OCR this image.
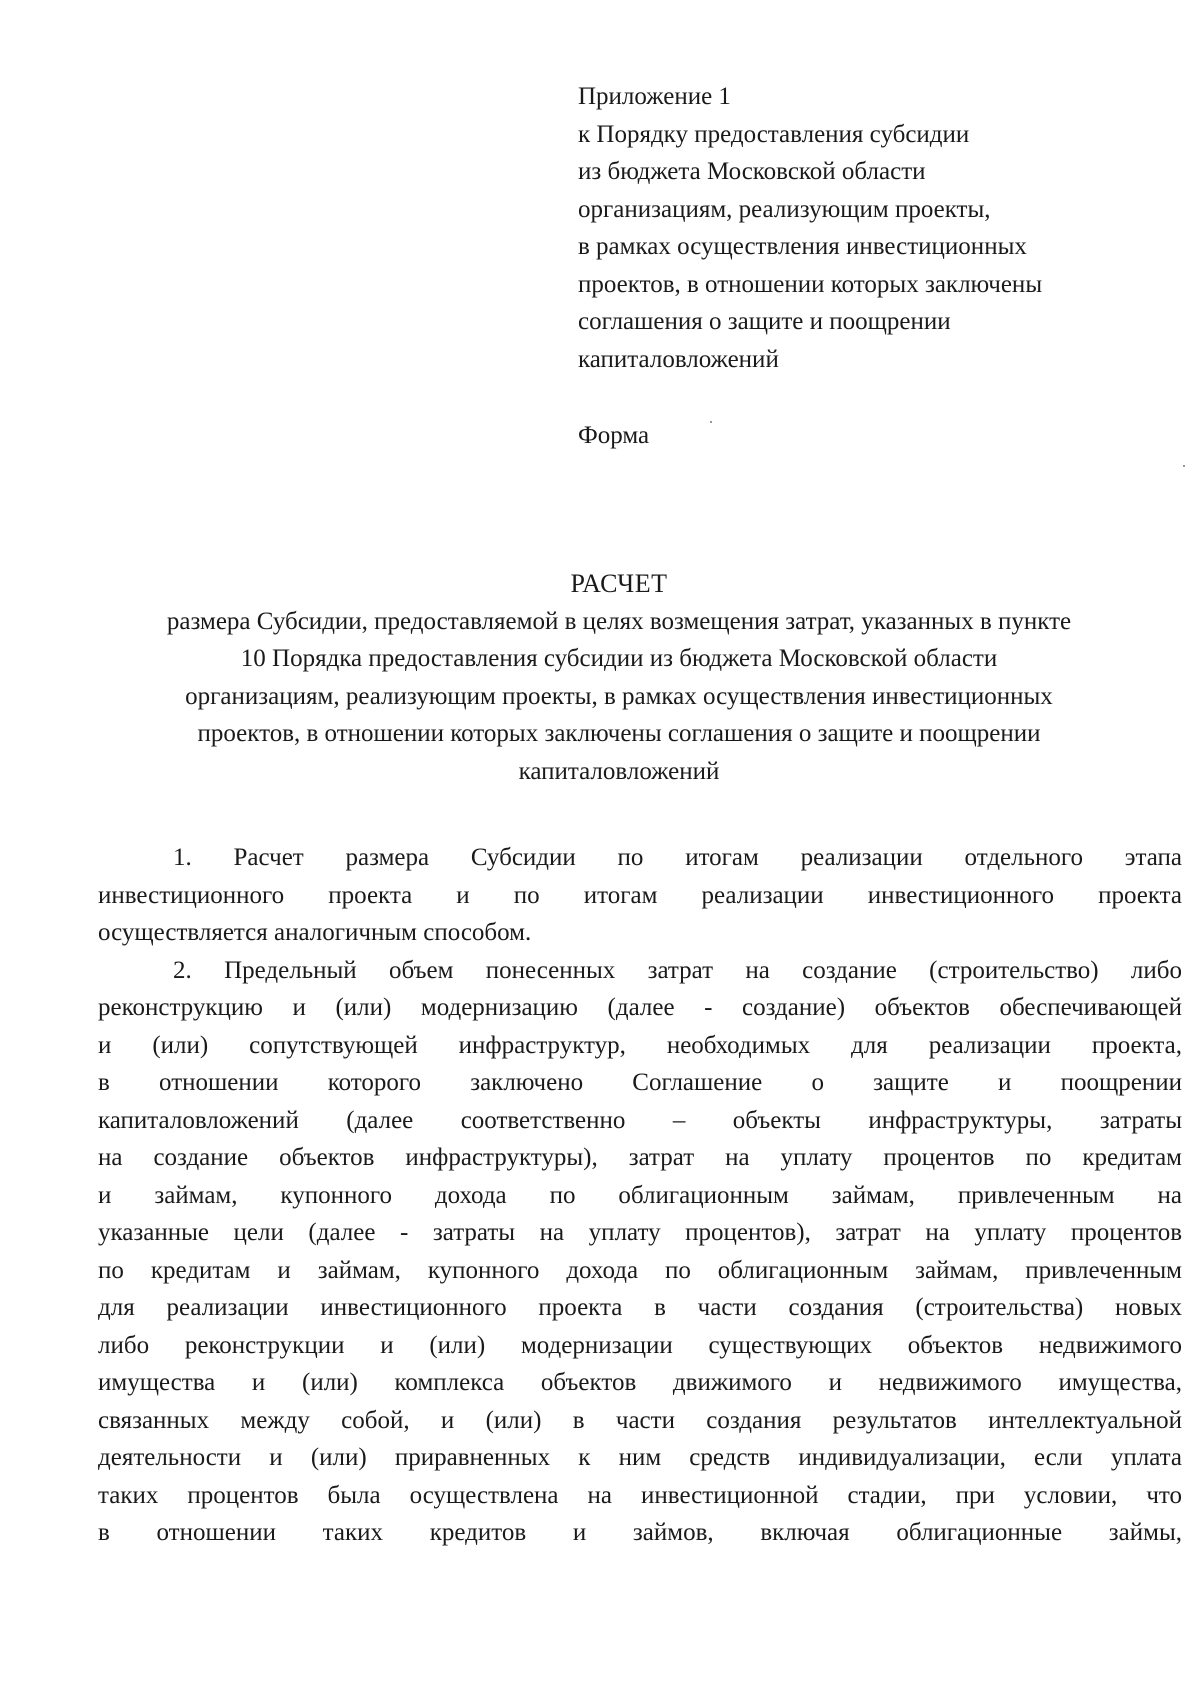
Приложение 1
к Порядку предоставления субсидии
из бюджета Московской области
организациям, реализующим проекты,
в рамках осуществления инвестиционных
проектов, в отношении которых заключены
соглашения о защите и поощрении
капиталовложений
Форма
РАСЧЕТ
размера Субсидии, предоставляемой в целях возмещения затрат, указанных в пункте
10 Порядка предоставления субсидии из бюджета Московской области
организациям, реализующим проекты, в рамках осуществления инвестиционных
проектов, в отношении которых заключены соглашения о защите и поощрении
капиталовложений
1. Расчет размера Субсидии по итогам реализации отдельного этапа
инвестиционного проекта и по итогам реализации инвестиционного проекта
осуществляется аналогичным способом.
2. Предельный объем понесенных затрат на создание (строительство) либо
реконструкцию и (или) модернизацию (далее - создание) объектов обеспечивающей
и (или) сопутствующей инфраструктур, необходимых для реализации проекта,
в отношении которого заключено Соглашение о защите и поощрении
капиталовложений (далее соответственно – объекты инфраструктуры, затраты
на создание объектов инфраструктуры), затрат на уплату процентов по кредитам
и займам, купонного дохода по облигационным займам, привлеченным на
указанные цели (далее - затраты на уплату процентов), затрат на уплату процентов
по кредитам и займам, купонного дохода по облигационным займам, привлеченным
для реализации инвестиционного проекта в части создания (строительства) новых
либо реконструкции и (или) модернизации существующих объектов недвижимого
имущества и (или) комплекса объектов движимого и недвижимого имущества,
связанных между собой, и (или) в части создания результатов интеллектуальной
деятельности и (или) приравненных к ним средств индивидуализации, если уплата
таких процентов была осуществлена на инвестиционной стадии, при условии, что
в отношении таких кредитов и займов, включая облигационные займы,
